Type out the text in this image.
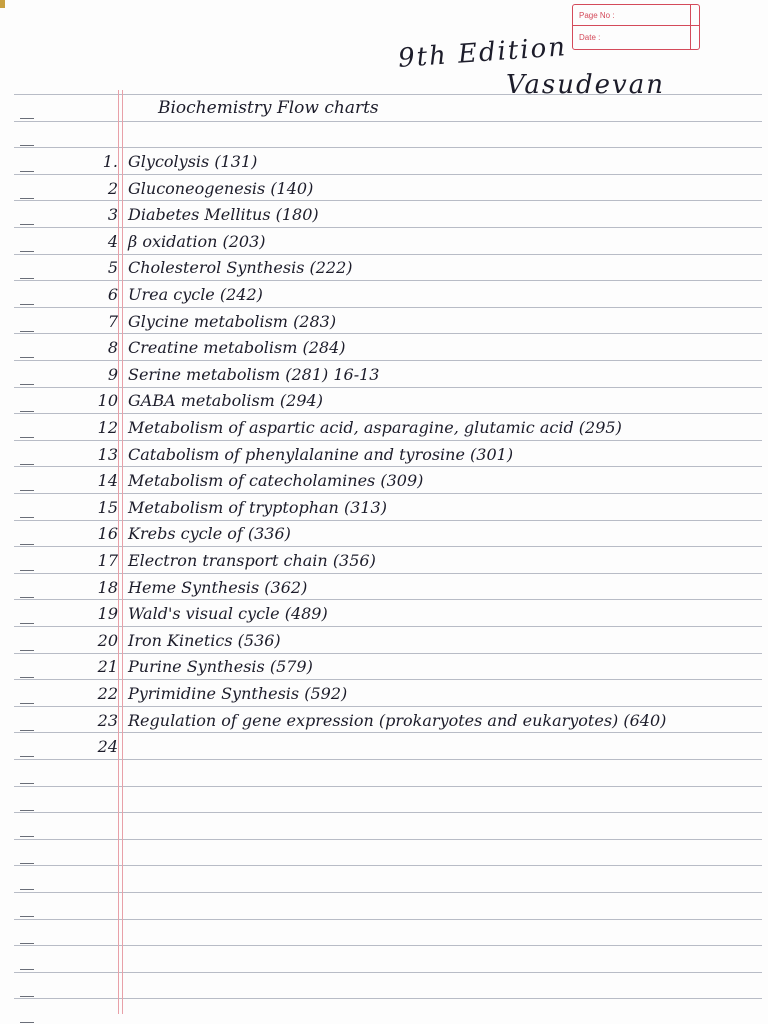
Page No :
Date :
9th Edition
Vasudevan
Biochemistry Flow charts
1. Glycolysis (131)
2 Gluconeogenesis (140)
3 Diabetes Mellitus (180)
4 β oxidation (203)
5 Cholesterol Synthesis (222)
6 Urea cycle (242)
7 Glycine metabolism (283)
8 Creatine metabolism (284)
9 Serine metabolism (281) 16-13
10 GABA metabolism (294)
12 Metabolism of aspartic acid, asparagine, glutamic acid (295)
13 Catabolism of phenylalanine and tyrosine (301)
14 Metabolism of catecholamines (309)
15 Metabolism of tryptophan (313)
16 Krebs cycle of (336)
17 Electron transport chain (356)
18 Heme Synthesis (362)
19 Wald's visual cycle (489)
20 Iron Kinetics (536)
21 Purine Synthesis (579)
22 Pyrimidine Synthesis (592)
23 Regulation of gene expression (prokaryotes and eukaryotes) (640)
24
